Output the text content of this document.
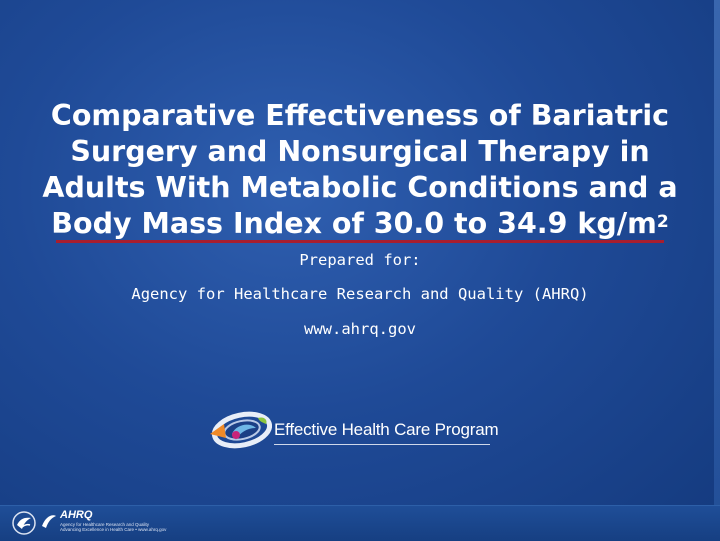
Comparative Effectiveness of Bariatric Surgery and Nonsurgical Therapy in Adults With Metabolic Conditions and a Body Mass Index of 30.0 to 34.9 $kg/m^2$
Prepared for:
Agency for Healthcare Research and Quality (AHRQ)
www.ahrq.gov
Effective Health Care Program
AHRQ
Agency for Healthcare Research and Quality
Advancing Excellence in Health Care • www.ahrq.gov
